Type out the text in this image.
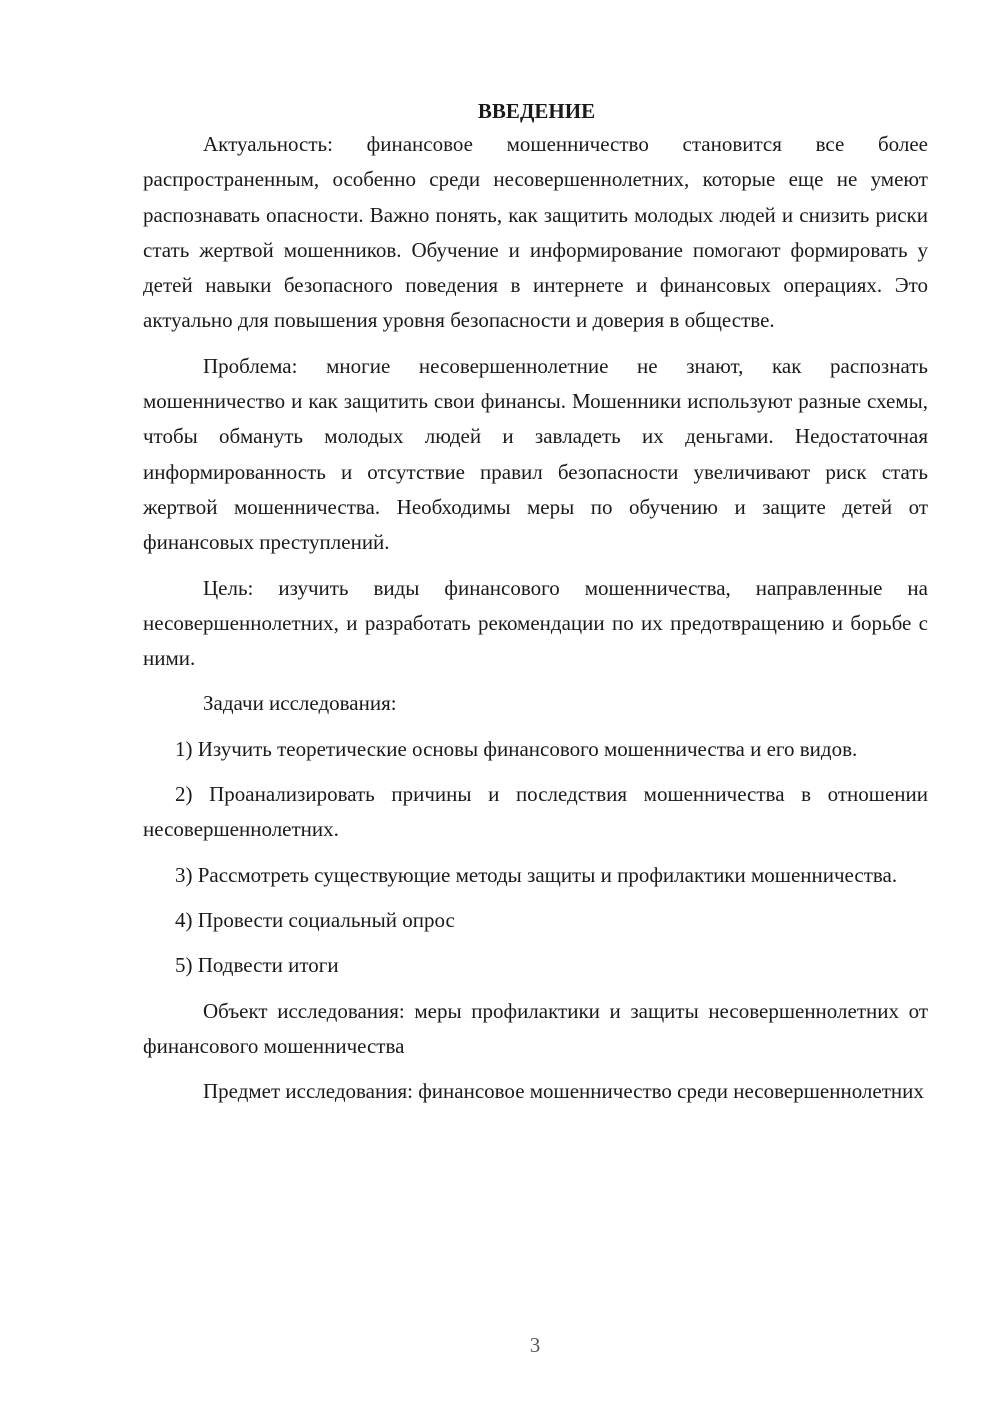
ВВЕДЕНИЕ

Актуальность: финансовое мошенничество становится все более распространенным, особенно среди несовершеннолетних, которые еще не умеют распознавать опасности. Важно понять, как защитить молодых людей и снизить риски стать жертвой мошенников. Обучение и информирование помогают формировать у детей навыки безопасного поведения в интернете и финансовых операциях. Это актуально для повышения уровня безопасности и доверия в обществе.

Проблема: многие несовершеннолетние не знают, как распознать мошенничество и как защитить свои финансы. Мошенники используют разные схемы, чтобы обмануть молодых людей и завладеть их деньгами. Недостаточная информированность и отсутствие правил безопасности увеличивают риск стать жертвой мошенничества. Необходимы меры по обучению и защите детей от финансовых преступлений.

Цель: изучить виды финансового мошенничества, направленные на несовершеннолетних, и разработать рекомендации по их предотвращению и борьбе с ними.

Задачи исследования:

1) Изучить теоретические основы финансового мошенничества и его видов.

2) Проанализировать причины и последствия мошенничества в отношении несовершеннолетних.

3) Рассмотреть существующие методы защиты и профилактики мошенничества.

4) Провести социальный опрос

5) Подвести итоги

Объект исследования: меры профилактики и защиты несовершеннолетних от финансового мошенничества

Предмет исследования: финансовое мошенничество среди несовершеннолетних

3
